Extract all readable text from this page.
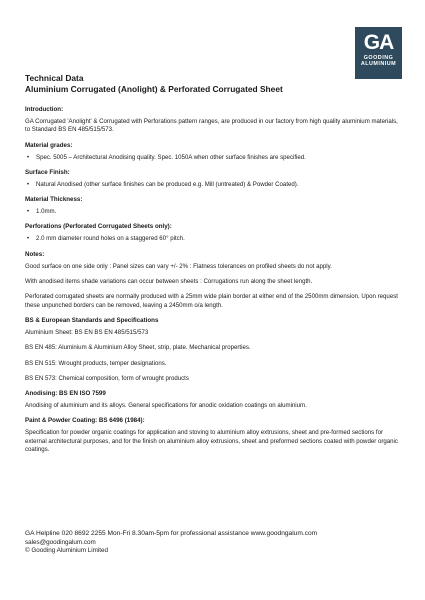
GA
GOODING
ALUMINIUM

Technical Data

Aluminium Corrugated (Anolight) & Perforated Corrugated Sheet

Introduction:

GA Corrugated 'Anolight' & Corrugated with Perforations pattern ranges, are produced in our factory from high quality aluminium materials, to Standard BS EN 485/515/573.

Material grades:

• Spec. 5005 – Architectural Anodising quality. Spec. 1050A when other surface finishes are specified.

Surface Finish:

• Natural Anodised (other surface finishes can be produced e.g. Mill (untreated) & Powder Coated).

Material Thickness:

• 1.0mm.

Perforations (Perforated Corrugated Sheets only):

• 2.0 mm diameter round holes on a staggered 60° pitch.

Notes:

Good surface on one side only : Panel sizes can vary +/- 2% : Flatness tolerances on profiled sheets do not apply.

With anodised items shade variations can occur between sheets : Corrugations run along the sheet length.

Perforated corrugated sheets are normally produced with a 25mm wide plain border at either end of the 2500mm dimension. Upon request these unpunched borders can be removed, leaving a 2450mm o/a length.

BS & European Standards and Specifications

Aluminium Sheet: BS EN BS EN 485/515/573

BS EN 485: Aluminium & Aluminium Alloy Sheet, strip, plate. Mechanical properties.

BS EN 515: Wrought products, temper designations.

BS EN 573: Chemical composition, form of wrought products

Anodising: BS EN ISO 7599

Anodising of aluminium and its alloys. General specifications for anodic oxidation coatings on aluminium.

Paint & Powder Coating: BS 6496 (1984):

Specification for powder organic coatings for application and stoving to aluminium alloy extrusions, sheet and pre-formed sections for external architectural purposes, and for the finish on aluminium alloy extrusions, sheet and preformed sections coated with powder organic coatings.

GA Helpline 020 8692 2255 Mon-Fri 8.30am-5pm for professional assistance www.goodngalum.com
sales@goodingalum.com
© Gooding Aluminium Limited
